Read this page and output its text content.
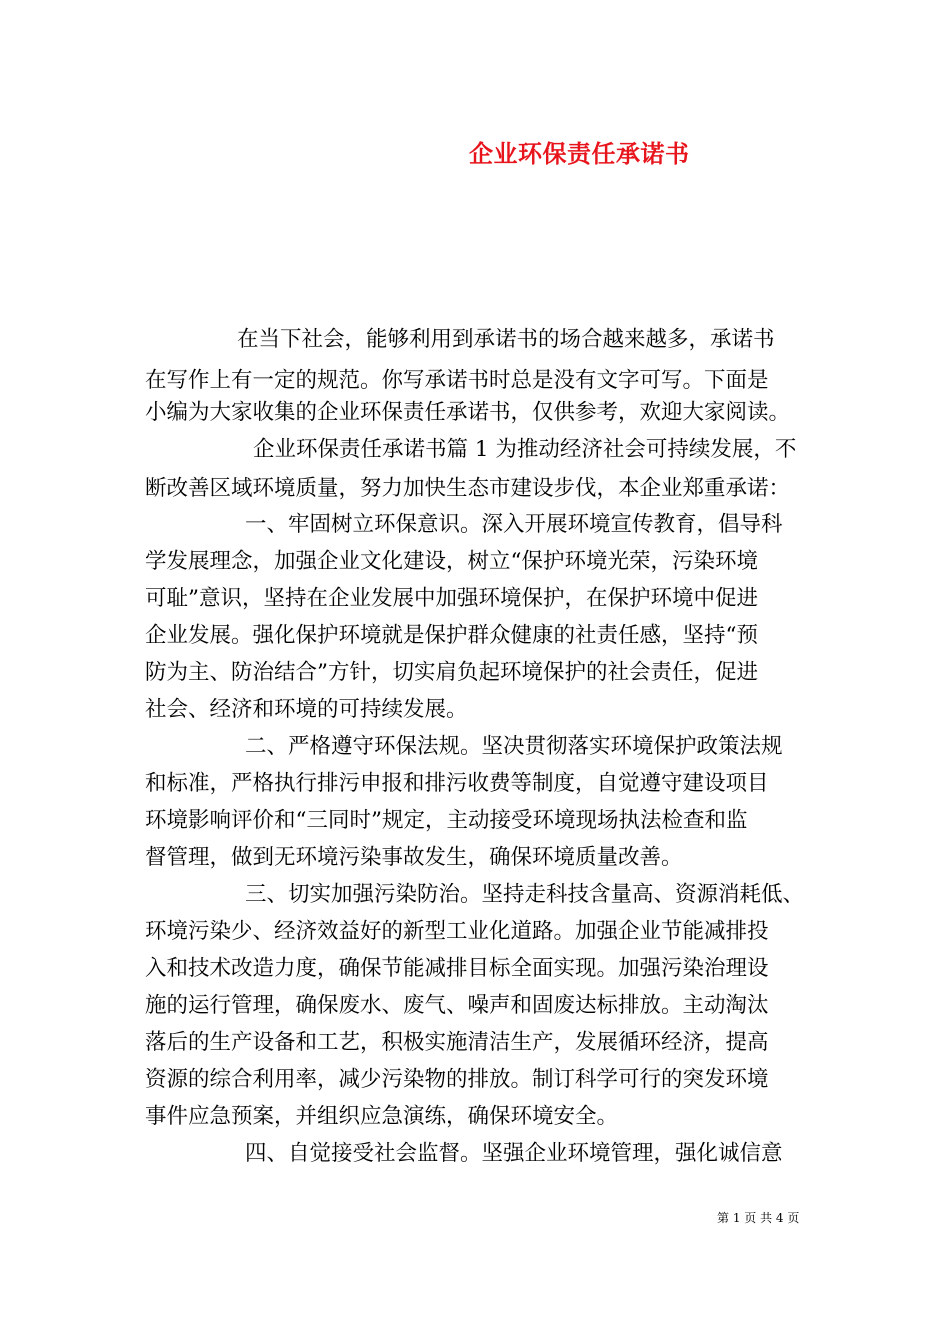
企业环保责任承诺书
在当下社会，能够利用到承诺书的场合越来越多，承诺书
在写作上有一定的规范。你写承诺书时总是没有文字可写。下面是
小编为大家收集的企业环保责任承诺书，仅供参考，欢迎大家阅读。
企业环保责任承诺书篇 1 为推动经济社会可持续发展，不
断改善区域环境质量，努力加快生态市建设步伐，本企业郑重承诺：
一、牢固树立环保意识。深入开展环境宣传教育，倡导科
学发展理念，加强企业文化建设，树立“保护环境光荣，污染环境
可耻”意识，坚持在企业发展中加强环境保护，在保护环境中促进
企业发展。强化保护环境就是保护群众健康的社责任感，坚持“预
防为主、防治结合”方针，切实肩负起环境保护的社会责任，促进
社会、经济和环境的可持续发展。
二、严格遵守环保法规。坚决贯彻落实环境保护政策法规
和标准，严格执行排污申报和排污收费等制度，自觉遵守建设项目
环境影响评价和“三同时”规定，主动接受环境现场执法检查和监
督管理，做到无环境污染事故发生，确保环境质量改善。
三、切实加强污染防治。坚持走科技含量高、资源消耗低、
环境污染少、经济效益好的新型工业化道路。加强企业节能减排投
入和技术改造力度，确保节能减排目标全面实现。加强污染治理设
施的运行管理，确保废水、废气、噪声和固废达标排放。主动淘汰
落后的生产设备和工艺，积极实施清洁生产，发展循环经济，提高
资源的综合利用率，减少污染物的排放。制订科学可行的突发环境
事件应急预案，并组织应急演练，确保环境安全。
四、自觉接受社会监督。坚强企业环境管理，强化诚信意
第 1 页 共 4 页
